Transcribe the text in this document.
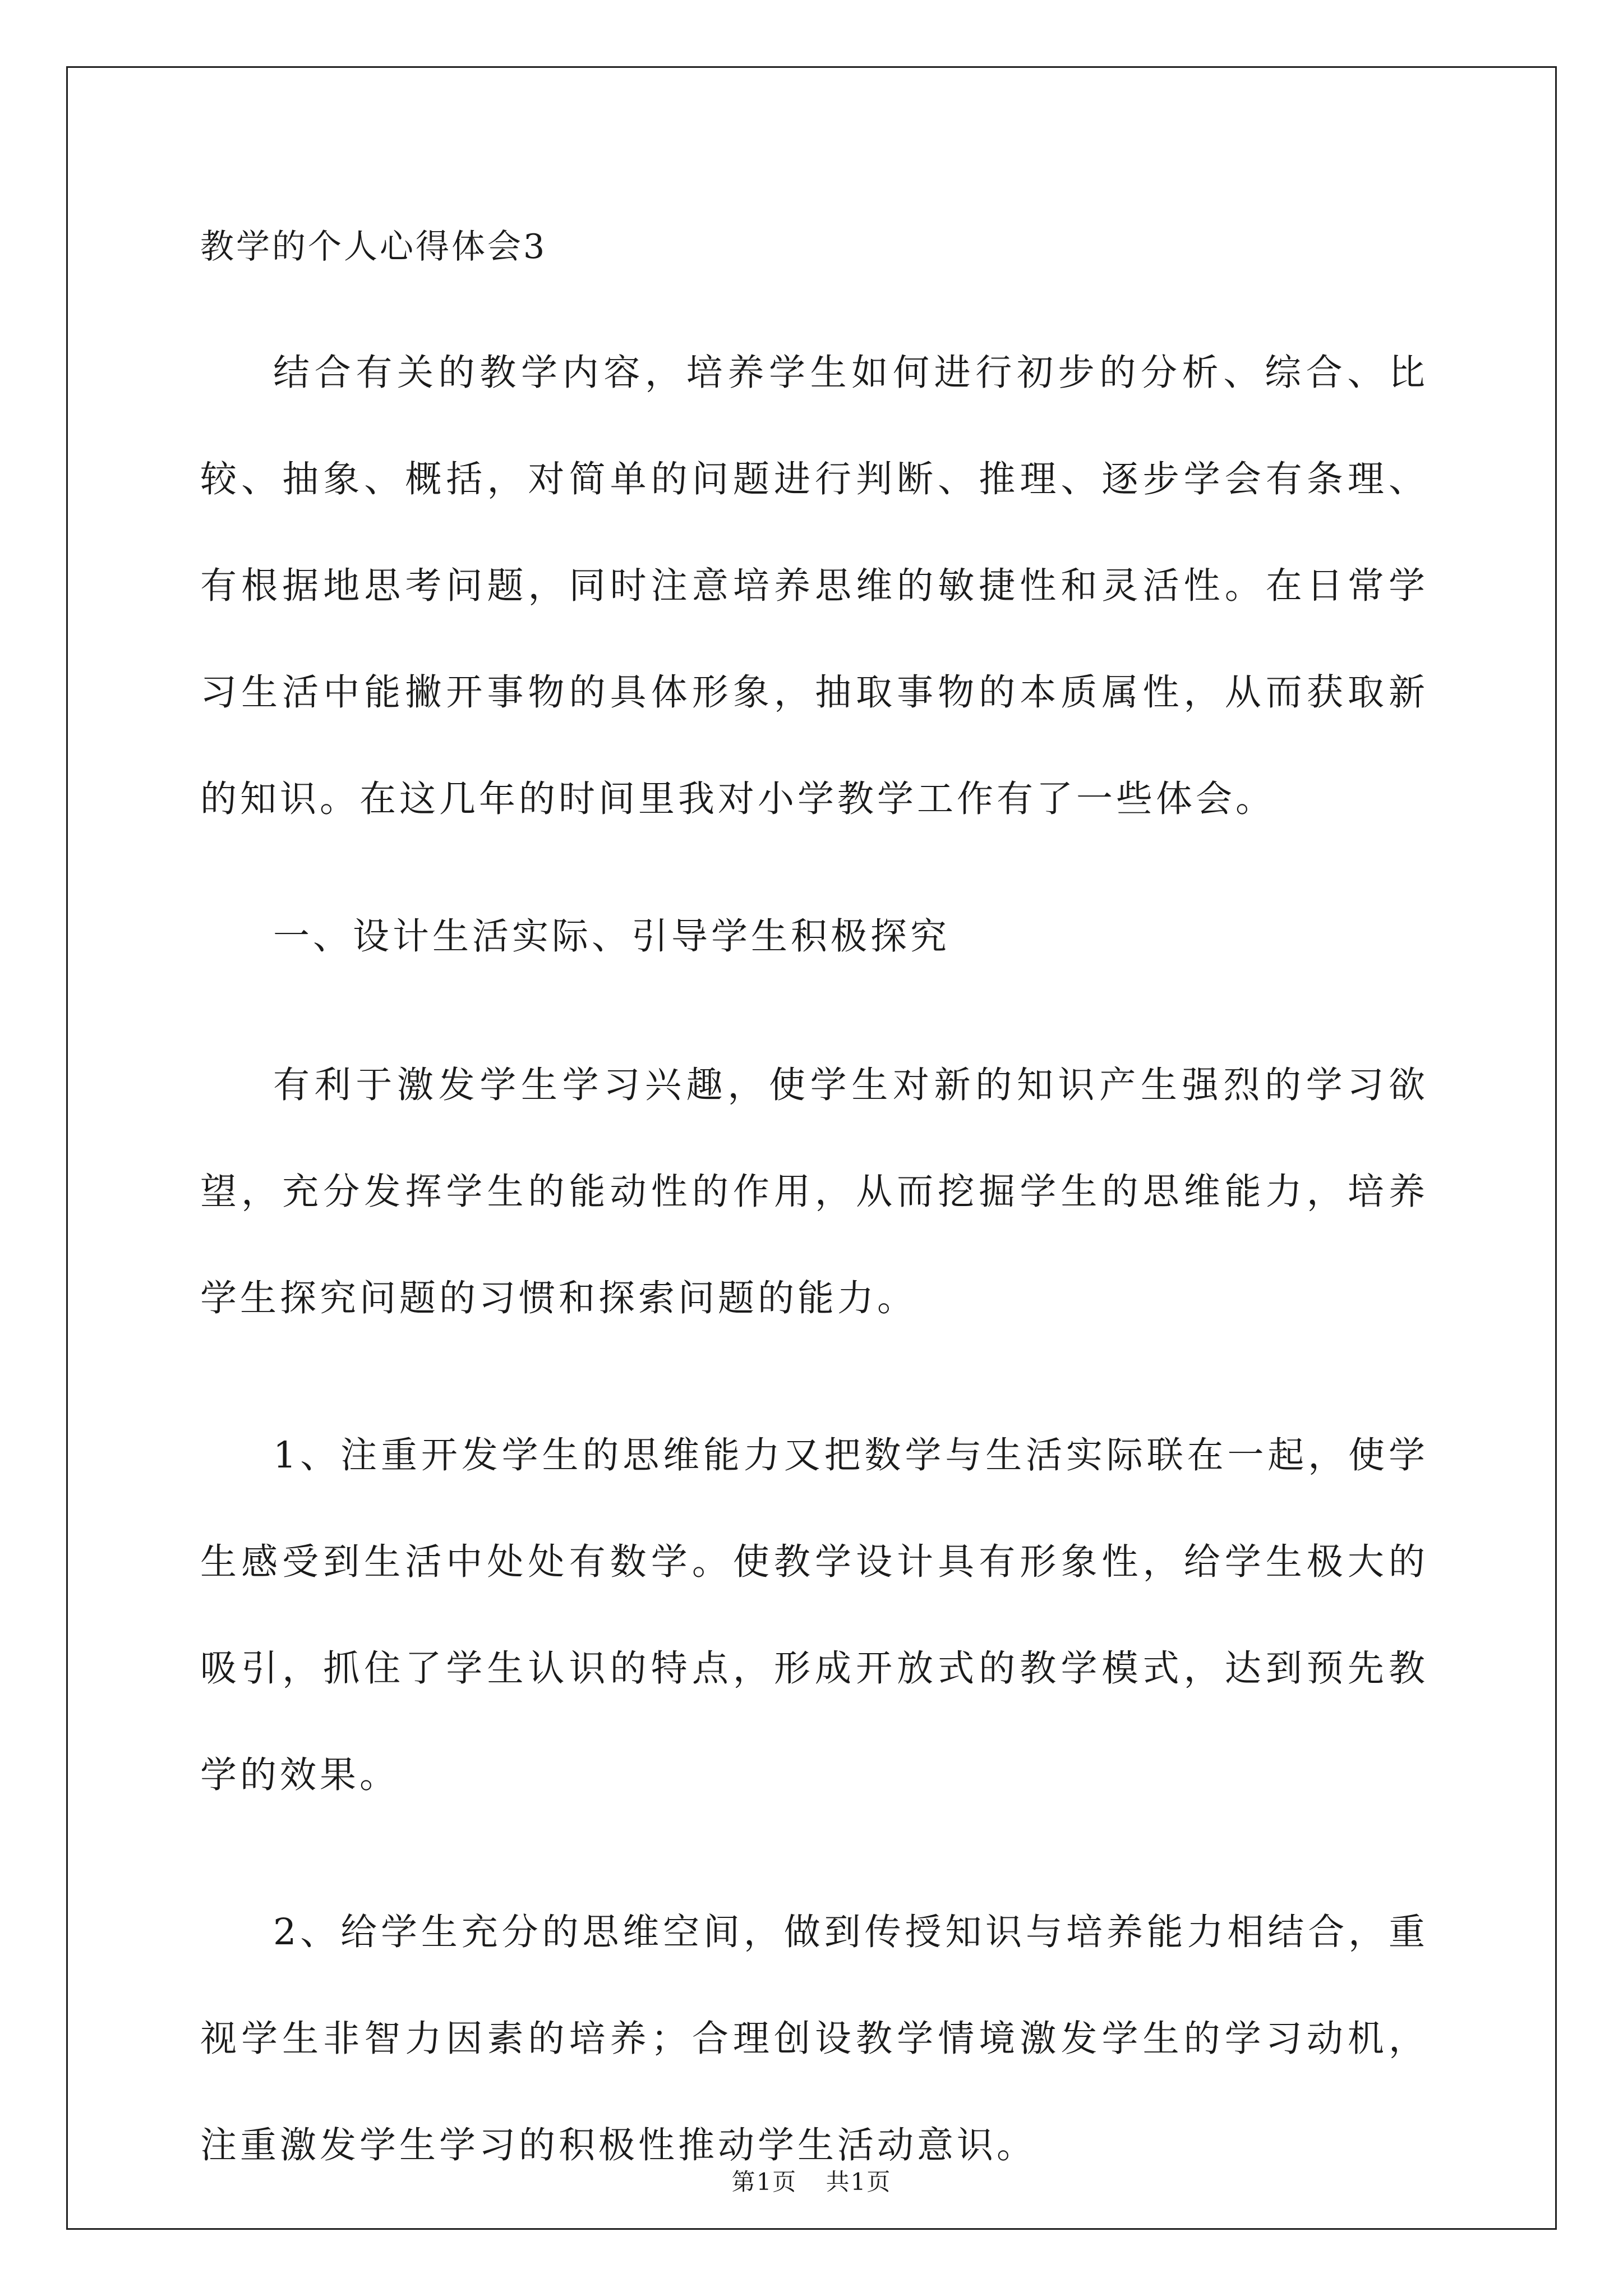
教学的个人心得体会3

结合有关的教学内容，培养学生如何进行初步的分析、综合、比较、抽象、概括，对简单的问题进行判断、推理、逐步学会有条理、有根据地思考问题，同时注意培养思维的敏捷性和灵活性。在日常学习生活中能撇开事物的具体形象，抽取事物的本质属性，从而获取新的知识。在这几年的时间里我对小学教学工作有了一些体会。

一、设计生活实际、引导学生积极探究

有利于激发学生学习兴趣，使学生对新的知识产生强烈的学习欲望，充分发挥学生的能动性的作用，从而挖掘学生的思维能力，培养学生探究问题的习惯和探索问题的能力。

1、注重开发学生的思维能力又把数学与生活实际联在一起，使学生感受到生活中处处有数学。使教学设计具有形象性，给学生极大的吸引，抓住了学生认识的特点，形成开放式的教学模式，达到预先教学的效果。

2、给学生充分的思维空间，做到传授知识与培养能力相结合，重视学生非智力因素的培养；合理创设教学情境激发学生的学习动机，注重激发学生学习的积极性推动学生活动意识。

第1页 共1页
